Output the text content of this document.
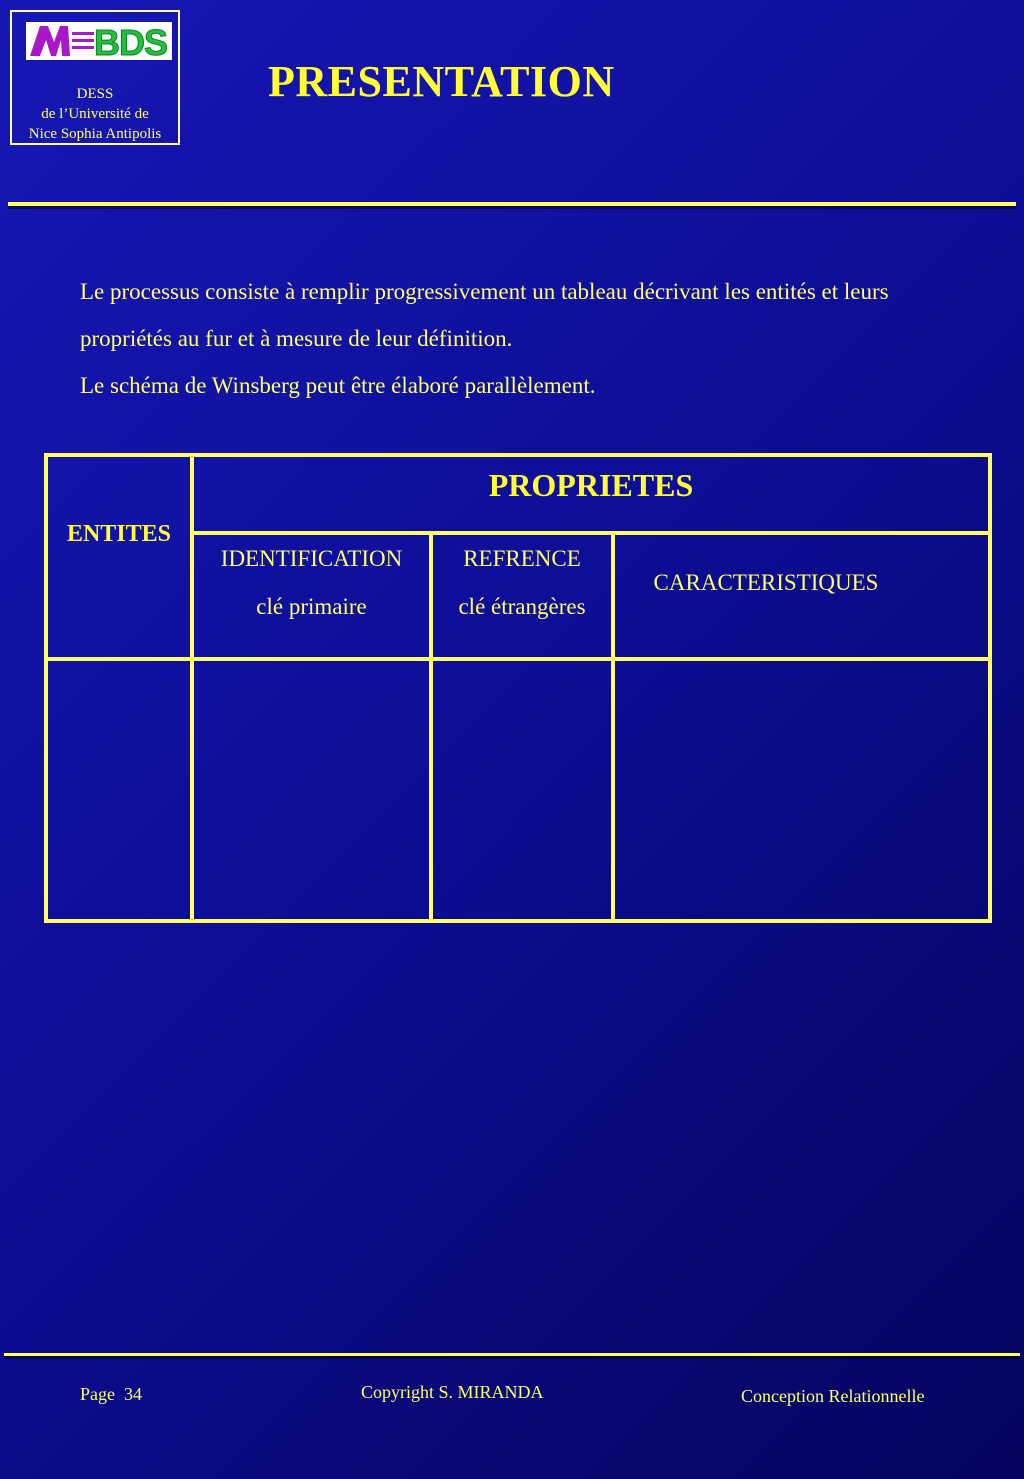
BDS
DESS
de l’Université de
Nice Sophia Antipolis
PRESENTATION

Le processus consiste à remplir progressivement un tableau décrivant les entités et leurs

propriétés au fur et à mesure de leur définition.

Le schéma de Winsberg peut être élaboré parallèlement.

ENTITES
PROPRIETES
IDENTIFICATION
clé primaire
REFRENCE
clé étrangères
CARACTERISTIQUES
Page 34	Copyright S. MIRANDA	Conception Relationnelle
